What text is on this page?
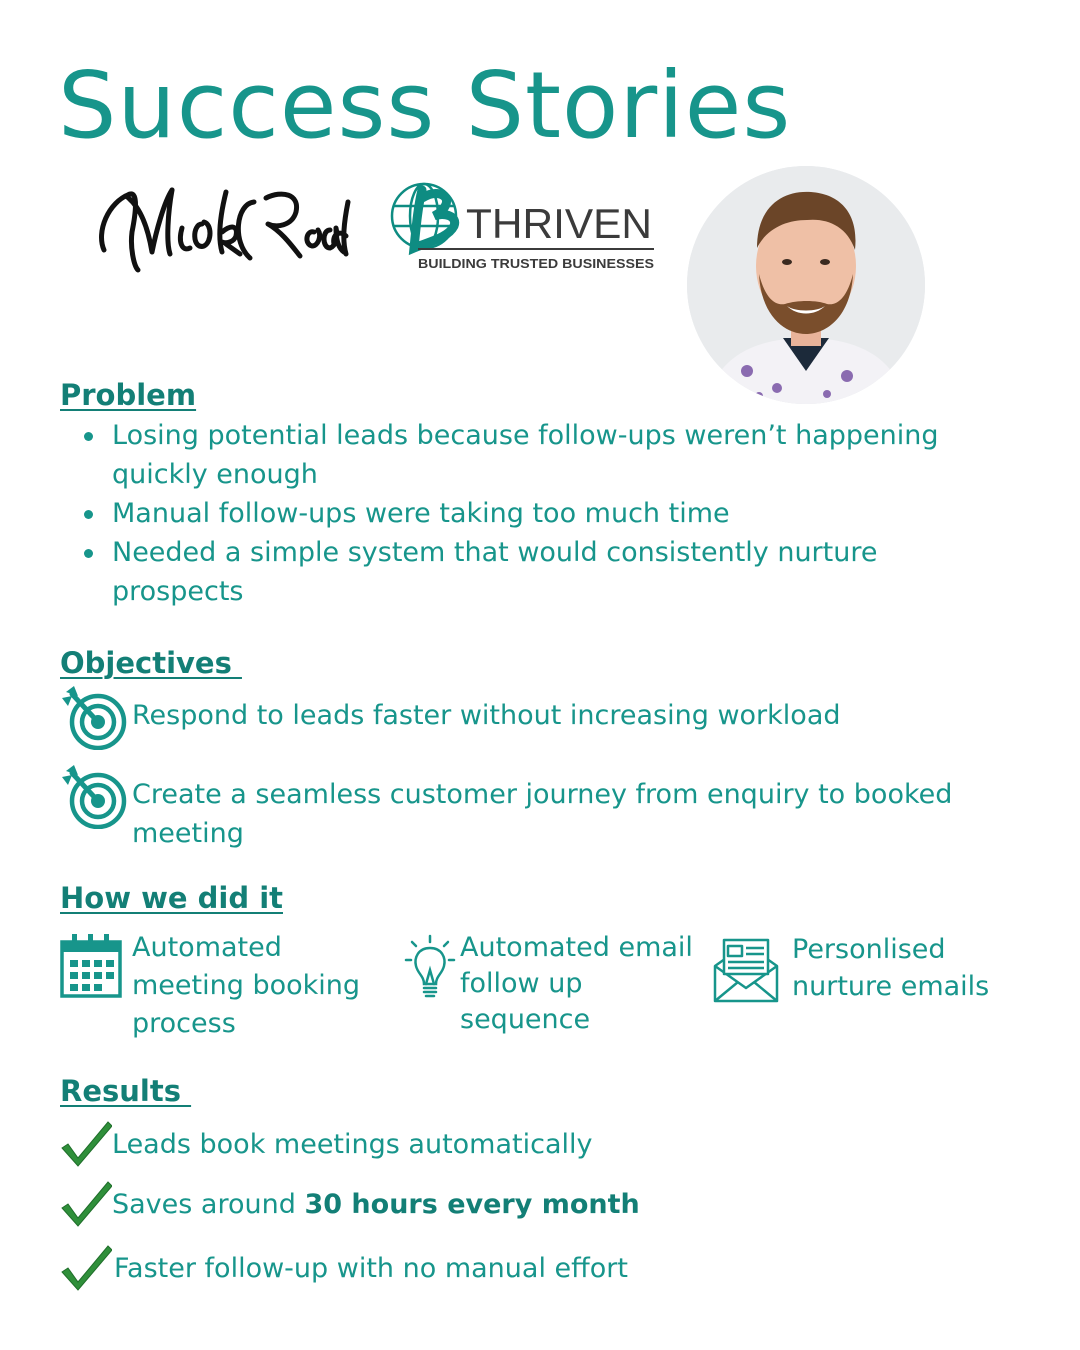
Success Stories
THRIVEN
BUILDING TRUSTED BUSINESSES
Problem
Losing potential leads because follow-ups weren’t happening quickly enough
Manual follow-ups were taking too much time
Needed a simple system that would consistently nurture prospects
Objectives
Respond to leads faster without increasing workload
Create a seamless customer journey from enquiry to booked meeting
How we did it
Automated meeting booking process
Automated email follow up sequence
Personlised nurture emails
Results
Leads book meetings automatically
Saves around 30 hours every month
Faster follow-up with no manual effort
